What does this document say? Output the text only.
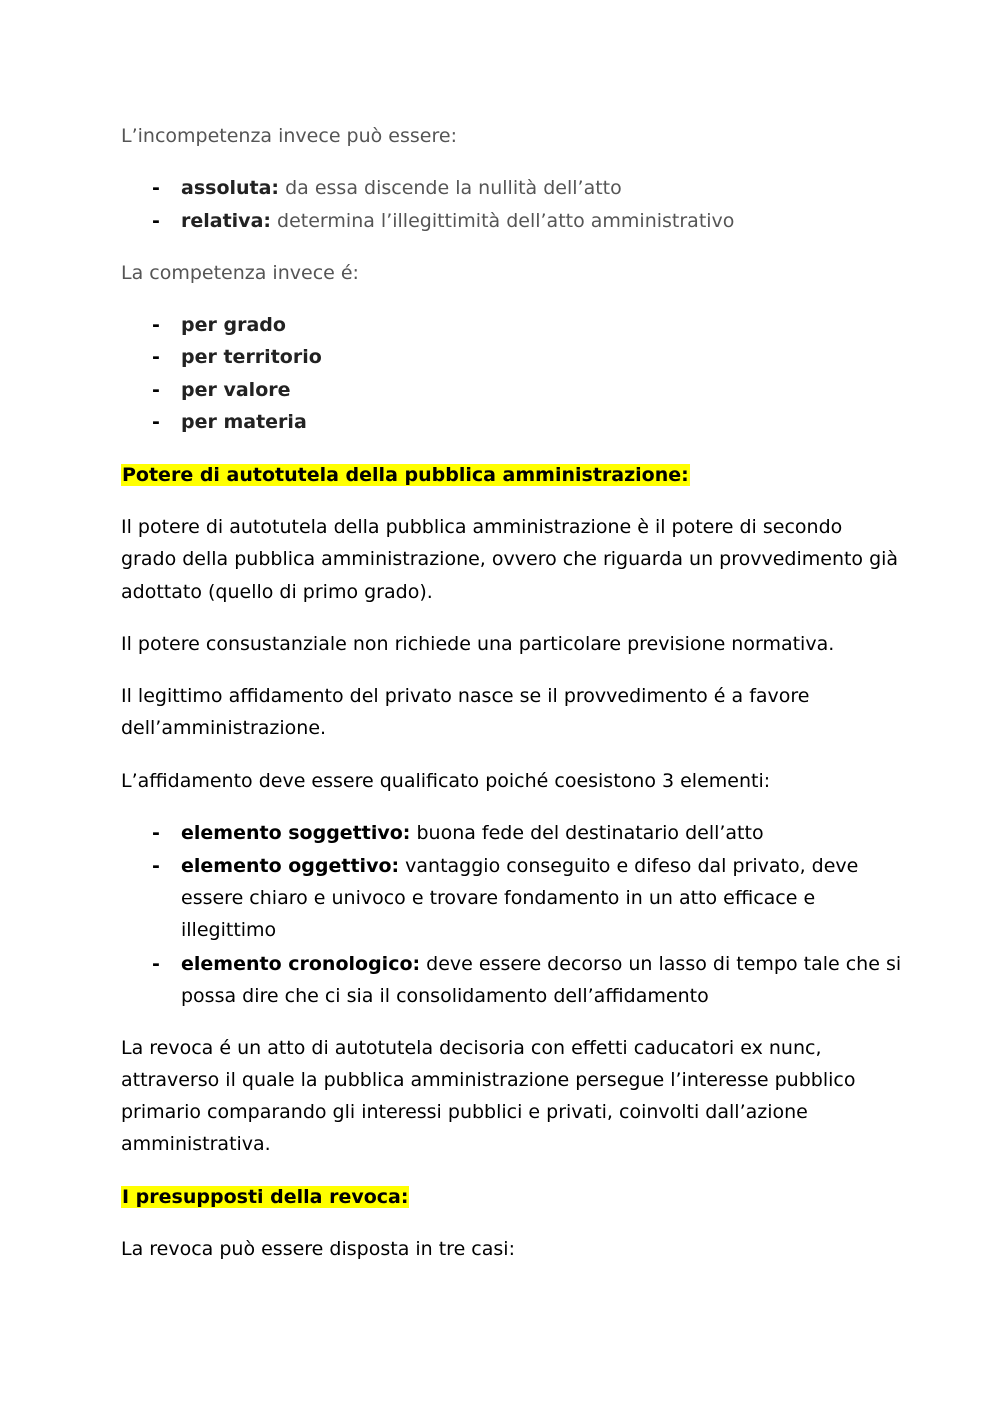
L’incompetenza invece può essere:
- assoluta: da essa discende la nullità dell’atto
- relativa: determina l’illegittimità dell’atto amministrativo
La competenza invece é:
- per grado
- per territorio
- per valore
- per materia
Potere di autotutela della pubblica amministrazione:
Il potere di autotutela della pubblica amministrazione è il potere di secondo
grado della pubblica amministrazione, ovvero che riguarda un provvedimento già
adottato (quello di primo grado).
Il potere consustanziale non richiede una particolare previsione normativa.
Il legittimo affidamento del privato nasce se il provvedimento é a favore
dell’amministrazione.
L’affidamento deve essere qualificato poiché coesistono 3 elementi:
- elemento soggettivo: buona fede del destinatario dell’atto
- elemento oggettivo: vantaggio conseguito e difeso dal privato, deve
essere chiaro e univoco e trovare fondamento in un atto efficace e
illegittimo
- elemento cronologico: deve essere decorso un lasso di tempo tale che si
possa dire che ci sia il consolidamento dell’affidamento
La revoca é un atto di autotutela decisoria con effetti caducatori ex nunc,
attraverso il quale la pubblica amministrazione persegue l’interesse pubblico
primario comparando gli interessi pubblici e privati, coinvolti dall’azione
amministrativa.
I presupposti della revoca:
La revoca può essere disposta in tre casi:
